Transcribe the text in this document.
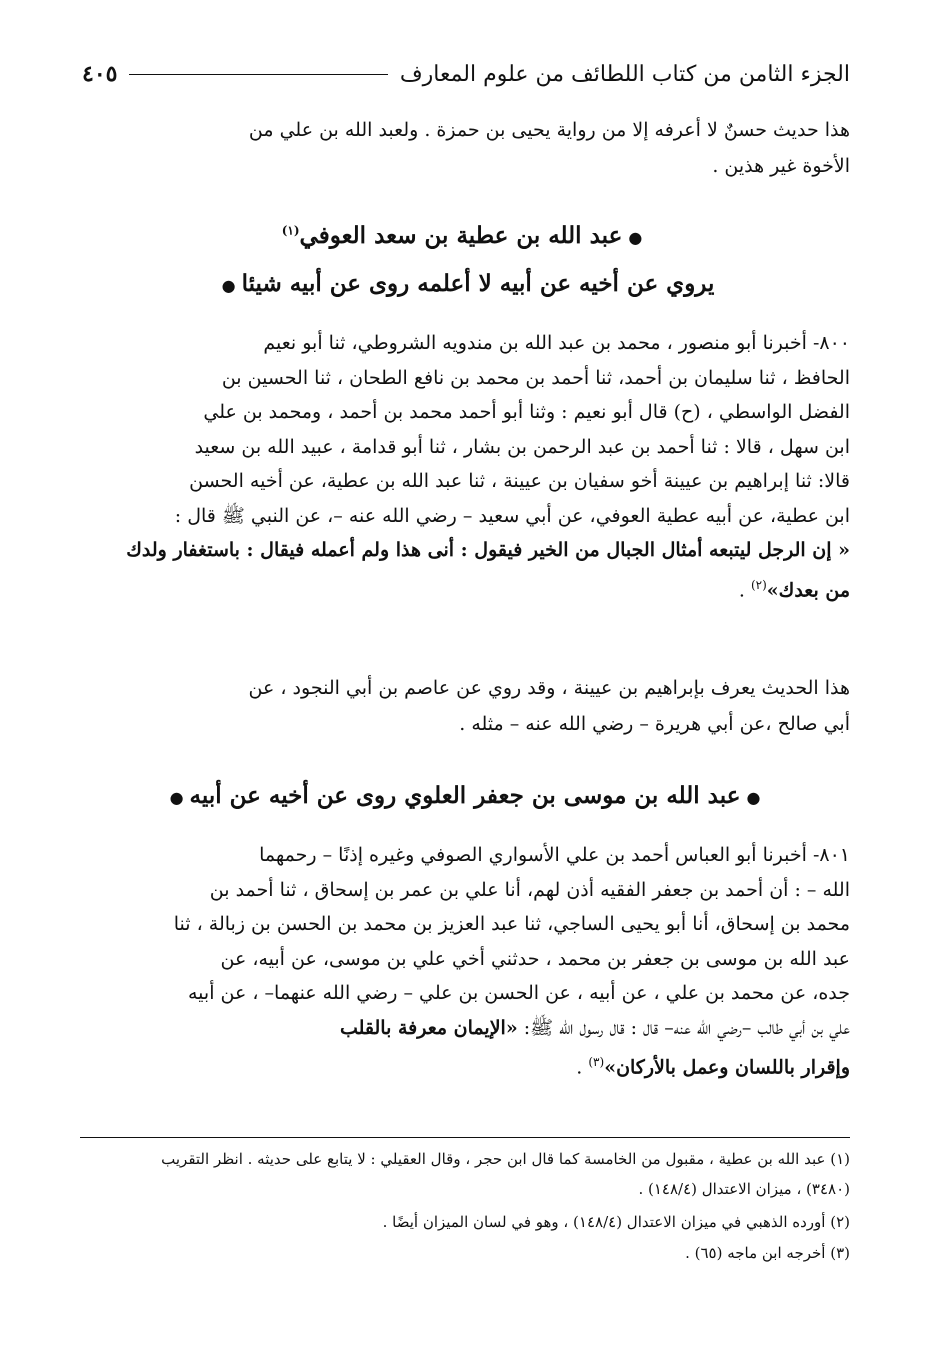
الجزء الثامن من كتاب اللطائف من علوم المعارف
٤٠٥
هذا حديث حسنٌ لا أعرفه إلا من رواية يحيى بن حمزة . ولعبد الله بن علي من
الأخوة غير هذين .
●عبد الله بن عطية بن سعد العوفي$^{(١)}$
يروي عن أخيه عن أبيه لا أعلمه روى عن أبيه شيئا●
٨٠٠- أخبرنا أبو منصور ، محمد بن عبد الله بن مندويه الشروطي، ثنا أبو نعيم
الحافظ ، ثنا سليمان بن أحمد، ثنا أحمد بن محمد بن نافع الطحان ، ثنا الحسين بن
الفضل الواسطي ، (ح) قال أبو نعيم : وثنا أبو أحمد محمد بن أحمد ، ومحمد بن علي
ابن سهل ، قالا : ثنا أحمد بن عبد الرحمن بن بشار ، ثنا أبو قدامة ، عبيد الله بن سعيد
قالا: ثنا إبراهيم بن عيينة أخو سفيان بن عيينة ، ثنا عبد الله بن عطية، عن أخيه الحسن
ابن عطية، عن أبيه عطية العوفي، عن أبي سعيد – رضي الله عنه –، عن النبي ﷺ قال :
« إن الرجل ليتبعه أمثال الجبال من الخير فيقول : أنى هذا ولم أعمله فيقال : باستغفار ولدك
من بعدك»$^{(٢)}$ .
هذا الحديث يعرف بإبراهيم بن عيينة ، وقد روي عن عاصم بن أبي النجود ، عن
أبي صالح ،عن أبي هريرة – رضي الله عنه – مثله .
●عبد الله بن موسى بن جعفر العلوي روى عن أخيه عن أبيه●
٨٠١- أخبرنا أبو العباس أحمد بن علي الأسواري الصوفي وغيره إذنًا – رحمهما
الله – : أن أحمد بن جعفر الفقيه أذن لهم، أنا علي بن عمر بن إسحاق ، ثنا أحمد بن
محمد بن إسحاق، أنا أبو يحيى الساجي، ثنا عبد العزيز بن محمد بن الحسن بن زبالة ، ثنا
عبد الله بن موسى بن جعفر بن محمد ، حدثني أخي علي بن موسى، عن أبيه، عن
جده، عن محمد بن علي ، عن أبيه ، عن الحسن بن علي – رضي الله عنهما– ، عن أبيه
علي بن أبي طالب –رضي الله عنه– قال : قال رسول الله ﷺ: «الإيمان معرفة بالقلب
وإقرار باللسان وعمل بالأركان»$^{(٣)}$ .
(١) عبد الله بن عطية ، مقبول من الخامسة كما قال ابن حجر ، وقال العقيلي : لا يتابع على حديثه . انظر التقريب
(٣٤٨٠) ، ميزان الاعتدال (١٤٨/٤) .
(٢) أورده الذهبي في ميزان الاعتدال (١٤٨/٤) ، وهو في لسان الميزان أيضًا .
(٣) أخرجه ابن ماجه (٦٥) .
